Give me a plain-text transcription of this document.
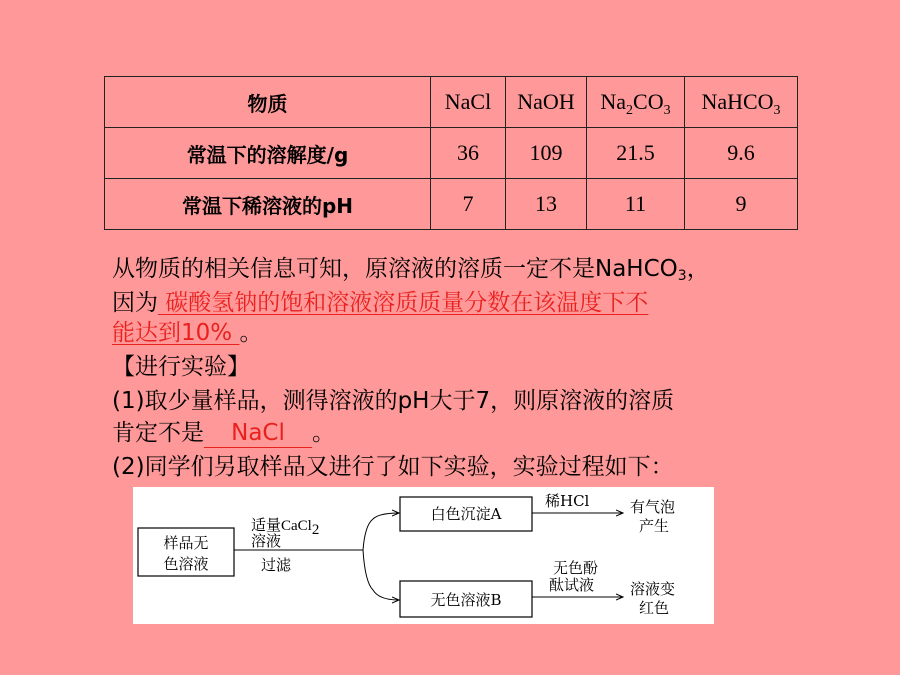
物质	NaCl	NaOH	$Na_2CO_3$	NaHCO$_3$
常温下的溶解度/g	36	109	21.5	9.6
常温下稀溶液的pH	7	13	11	9
从物质的相关信息可知，原溶液的溶质一定不是NaHCO3，
因为 碳酸氢钠的饱和溶液溶质质量分数在该温度下不
能达到10% 。
【进行实验】
(1)取少量样品，测得溶液的pH大于7，则原溶液的溶质
肯定不是 NaCl 。
(2)同学们另取样品又进行了如下实验，实验过程如下：
样品无
色溶液
适量CaCl2
溶液
过滤
白色沉淀A
稀HCl	有气泡
产生
无色溶液B
无色酚
酞试液 溶液变
红色
